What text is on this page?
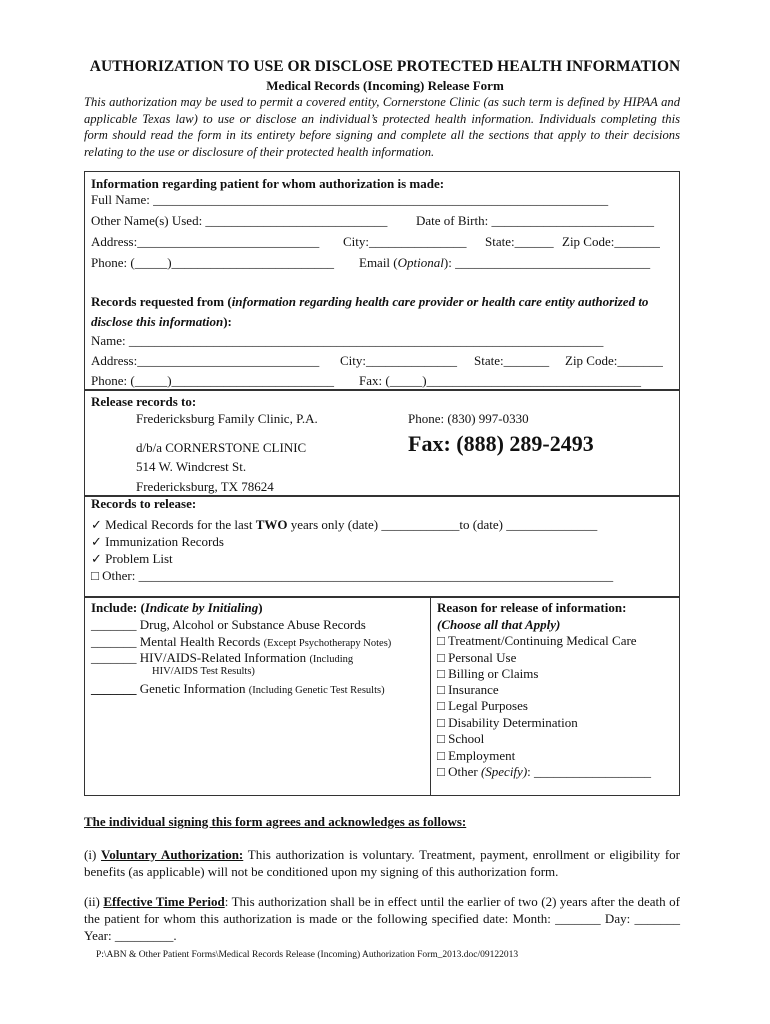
AUTHORIZATION TO USE OR DISCLOSE PROTECTED HEALTH INFORMATION
Medical Records (Incoming) Release Form
This authorization may be used to permit a covered entity, Cornerstone Clinic (as such term is defined by HIPAA and applicable Texas law) to use or disclose an individual’s protected health information. Individuals completing this form should read the form in its entirety before signing and complete all the sections that apply to their decisions relating to the use or disclosure of their protected health information.
Information regarding patient for whom authorization is made:
Full Name: ______________________________________________________________________
Other Name(s) Used: ____________________________ Date of Birth: _________________________
Address:____________________________ City:_______________ State:______ Zip Code:_______
Phone: (_____)_________________________ Email (Optional): ______________________________
Records requested from (information regarding health care provider or health care entity authorized to disclose this information):
Name: _________________________________________________________________________
Address:____________________________ City:______________ State:_______ Zip Code:_______
Phone: (_____)_________________________ Fax: (_____)_________________________________
Release records to:
Fredericksburg Family Clinic, P.A.	Phone: (830) 997-0330
d/b/a CORNERSTONE CLINIC	Fax: (888) 289-2493
514 W. Windcrest St.
Fredericksburg, TX 78624
Records to release:
✓ Medical Records for the last TWO years only (date) ____________to (date) ______________
✓ Immunization Records
✓ Problem List
□ Other: _________________________________________________________________________
Include: (Indicate by Initialing)
_______ Drug, Alcohol or Substance Abuse Records
_______ Mental Health Records (Except Psychotherapy Notes)
_______ HIV/AIDS-Related Information (Including
HIV/AIDS Test Results)
_______ Genetic Information (Including Genetic Test Results)
Reason for release of information:
(Choose all that Apply)
□ Treatment/Continuing Medical Care
□ Personal Use
□ Billing or Claims
□ Insurance
□ Legal Purposes
□ Disability Determination
□ School
□ Employment
□ Other (Specify): __________________
The individual signing this form agrees and acknowledges as follows:
(i) Voluntary Authorization: This authorization is voluntary. Treatment, payment, enrollment or eligibility for benefits (as applicable) will not be conditioned upon my signing of this authorization form.
(ii) Effective Time Period: This authorization shall be in effect until the earlier of two (2) years after the death of the patient for whom this authorization is made or the following specified date: Month: _______ Day: _______ Year: _________.
P:\ABN & Other Patient Forms\Medical Records Release (Incoming) Authorization Form_2013.doc/09122013
